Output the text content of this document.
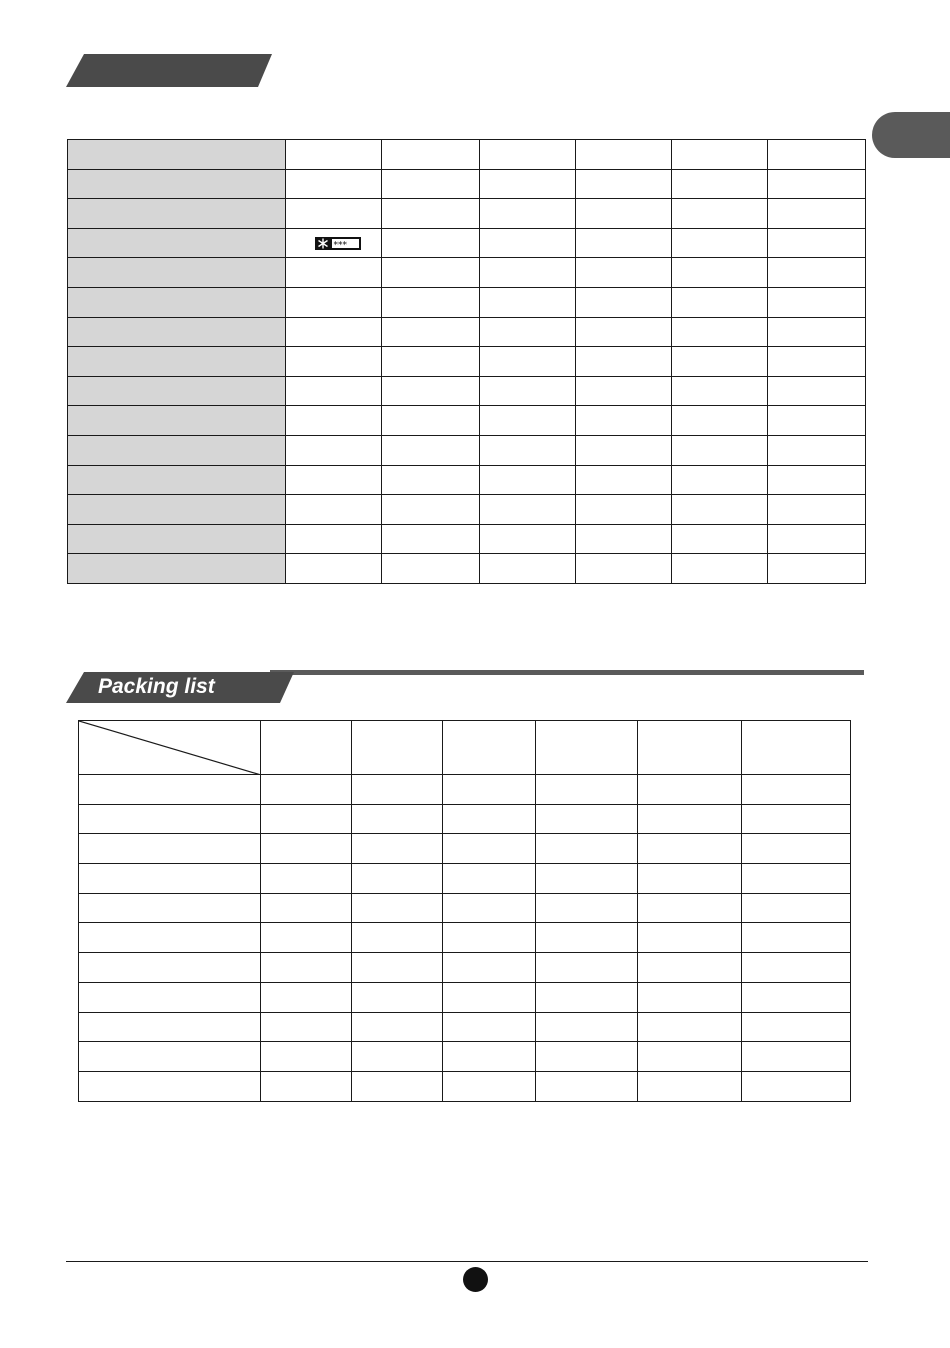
***					

Packing list
